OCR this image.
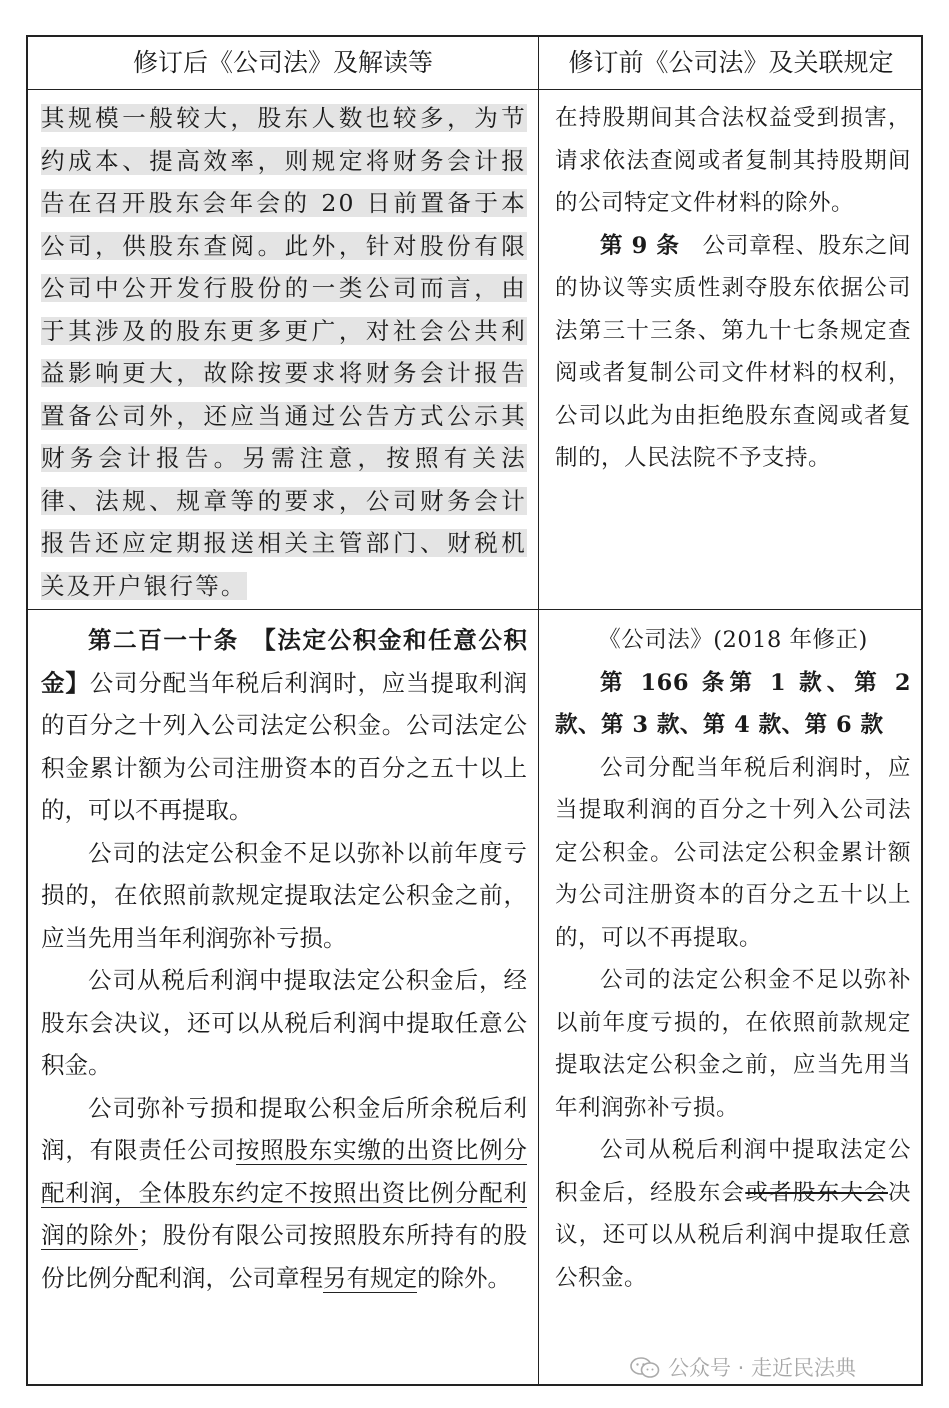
修订后《公司法》及解读等	修订前《公司法》及关联规定

其规模一般较大，股东人数也较多，为节约成本、提高效率，则规定将财务会计报告在召开股东会年会的 20 日前置备于本公司，供股东查阅。此外，针对股份有限公司中公开发行股份的一类公司而言，由于其涉及的股东更多更广，对社会公共利益影响更大，故除按要求将财务会计报告置备公司外，还应当通过公告方式公示其财务会计报告。另需注意，按照有关法律、法规、规章等的要求，公司财务会计报告还应定期报送相关主管部门、财税机关及开户银行等。

在持股期间其合法权益受到损害，请求依法查阅或者复制其持股期间的公司特定文件材料的除外。

第 9 条　 公司章程、股东之间的协议等实质性剥夺股东依据公司法第三十三条、第九十七条规定查阅或者复制公司文件材料的权利，公司以此为由拒绝股东查阅或者复制的，人民法院不予支持。

第二百一十条　 【法定公积金和任意公积金】公司分配当年税后利润时，应当提取利润的百分之十列入公司法定公积金。公司法定公积金累计额为公司注册资本的百分之五十以上的，可以不再提取。

公司的法定公积金不足以弥补以前年度亏损的，在依照前款规定提取法定公积金之前，应当先用当年利润弥补亏损。

公司从税后利润中提取法定公积金后，经股东会决议，还可以从税后利润中提取任意公积金。

公司弥补亏损和提取公积金后所余税后利润，有限责任公司按照股东实缴的出资比例分配利润，全体股东约定不按照出资比例分配利润的除外；股份有限公司按照股东所持有的股份比例分配利润，公司章程另有规定的除外。

《公司法》(2018 年修正)

第 166 条第 1 款、第 2 款、第 3 款、第 4 款、第 6 款

公司分配当年税后利润时，应当提取利润的百分之十列入公司法定公积金。公司法定公积金累计额为公司注册资本的百分之五十以上的，可以不再提取。

公司的法定公积金不足以弥补以前年度亏损的，在依照前款规定提取法定公积金之前，应当先用当年利润弥补亏损。

公司从税后利润中提取法定公积金后，经股东会或者股东大会决议，还可以从税后利润中提取任意公积金。

公众号 · 走近民法典
